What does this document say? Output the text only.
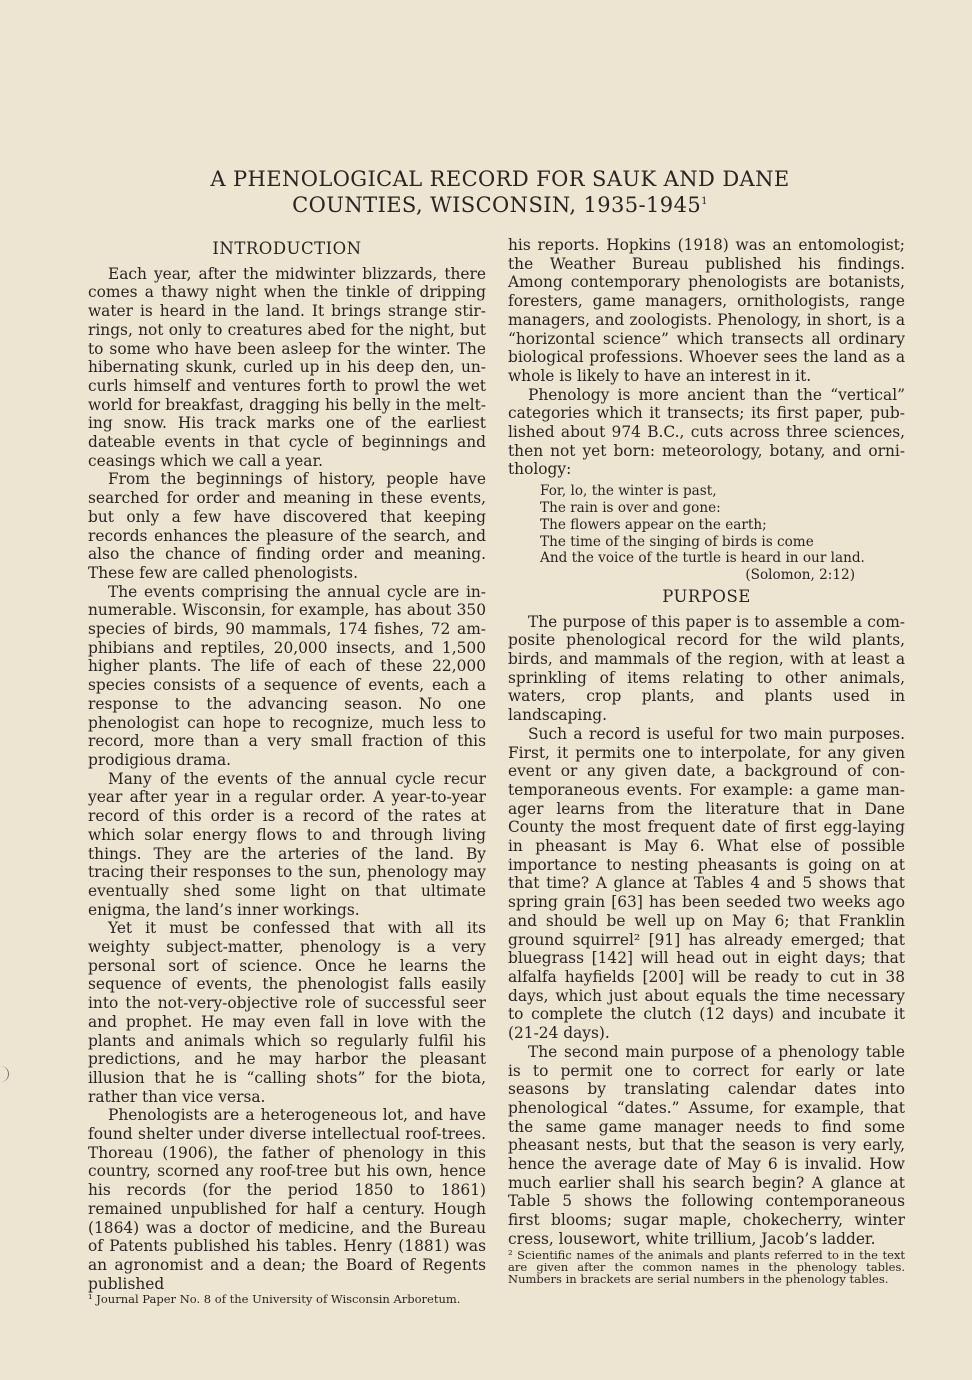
A PHENOLOGICAL RECORD FOR SAUK AND DANE
COUNTIES, WISCONSIN, 1935-1945$^1$
INTRODUCTION

Each year, after the midwinter blizzards, there comes a thawy night when the tinkle of dripping water is heard in the land. It brings strange stirrings, not only to creatures abed for the night, but to some who have been asleep for the winter. The hibernating skunk, curled up in his deep den, uncurls himself and ventures forth to prowl the wet world for breakfast, dragging his belly in the melting snow. His track marks one of the earliest dateable events in that cycle of beginnings and ceasings which we call a year.

From the beginnings of history, people have searched for order and meaning in these events, but only a few have discovered that keeping records enhances the pleasure of the search, and also the chance of finding order and meaning. These few are called phenologists.

The events comprising the annual cycle are innumerable. Wisconsin, for example, has about 350 species of birds, 90 mammals, 174 fishes, 72 amphibians and reptiles, 20,000 insects, and 1,500 higher plants. The life of each of these 22,000 species consists of a sequence of events, each a response to the advancing season. No one phenologist can hope to recognize, much less to record, more than a very small fraction of this prodigious drama.

Many of the events of the annual cycle recur year after year in a regular order. A year-to-year record of this order is a record of the rates at which solar energy flows to and through living things. They are the arteries of the land. By tracing their responses to the sun, phenology may eventually shed some light on that ultimate enigma, the land’s inner workings.

Yet it must be confessed that with all its weighty subject-matter, phenology is a very personal sort of science. Once he learns the sequence of events, the phenologist falls easily into the not-very-objective role of successful seer and prophet. He may even fall in love with the plants and animals which so regularly fulfil his predictions, and he may harbor the pleasant illusion that he is “calling shots” for the biota, rather than vice versa.

Phenologists are a heterogeneous lot, and have found shelter under diverse intellectual roof-trees. Thoreau (1906), the father of phenology in this country, scorned any roof-tree but his own, hence his records (for the period 1850 to 1861) remained unpublished for half a century. Hough (1864) was a doctor of medicine, and the Bureau of Patents published his tables. Henry (1881) was an agronomist and a dean; the Board of Regents published

¹ Journal Paper No. 8 of the University of Wisconsin Arboretum.

his reports. Hopkins (1918) was an entomologist; the Weather Bureau published his findings. Among contemporary phenologists are botanists, foresters, game managers, ornithologists, range managers, and zoologists. Phenology, in short, is a “horizontal science” which transects all ordinary biological professions. Whoever sees the land as a whole is likely to have an interest in it.

Phenology is more ancient than the “vertical” categories which it transects; its first paper, published about 974 B.C., cuts across three sciences, then not yet born: meteorology, botany, and ornithology:

For, lo, the winter is past,
The rain is over and gone:
The flowers appear on the earth;
The time of the singing of birds is come
And the voice of the turtle is heard in our land.
(Solomon, 2:12)
PURPOSE

The purpose of this paper is to assemble a composite phenological record for the wild plants, birds, and mammals of the region, with at least a sprinkling of items relating to other animals, waters, crop plants, and plants used in landscaping.

Such a record is useful for two main purposes. First, it permits one to interpolate, for any given event or any given date, a background of contemporaneous events. For example: a game manager learns from the literature that in Dane County the most frequent date of first egg-laying in pheasant is May 6. What else of possible importance to nesting pheasants is going on at that time? A glance at Tables 4 and 5 shows that spring grain [63] has been seeded two weeks ago and should be well up on May 6; that Franklin ground squirrel² [91] has already emerged; that bluegrass [142] will head out in eight days; that alfalfa hayfields [200] will be ready to cut in 38 days, which just about equals the time necessary to complete the clutch (12 days) and incubate it (21-24 days).

The second main purpose of a phenology table is to permit one to correct for early or late seasons by translating calendar dates into phenological “dates.” Assume, for example, that the same game manager needs to find some pheasant nests, but that the season is very early, hence the average date of May 6 is invalid. How much earlier shall his search begin? A glance at Table 5 shows the following contemporaneous first blooms; sugar maple, chokecherry, winter cress, lousewort, white trillium, Jacob’s ladder.

² Scientific names of the animals and plants referred to in the text are given after the common names in the phenology tables. Numbers in brackets are serial numbers in the phenology tables.
